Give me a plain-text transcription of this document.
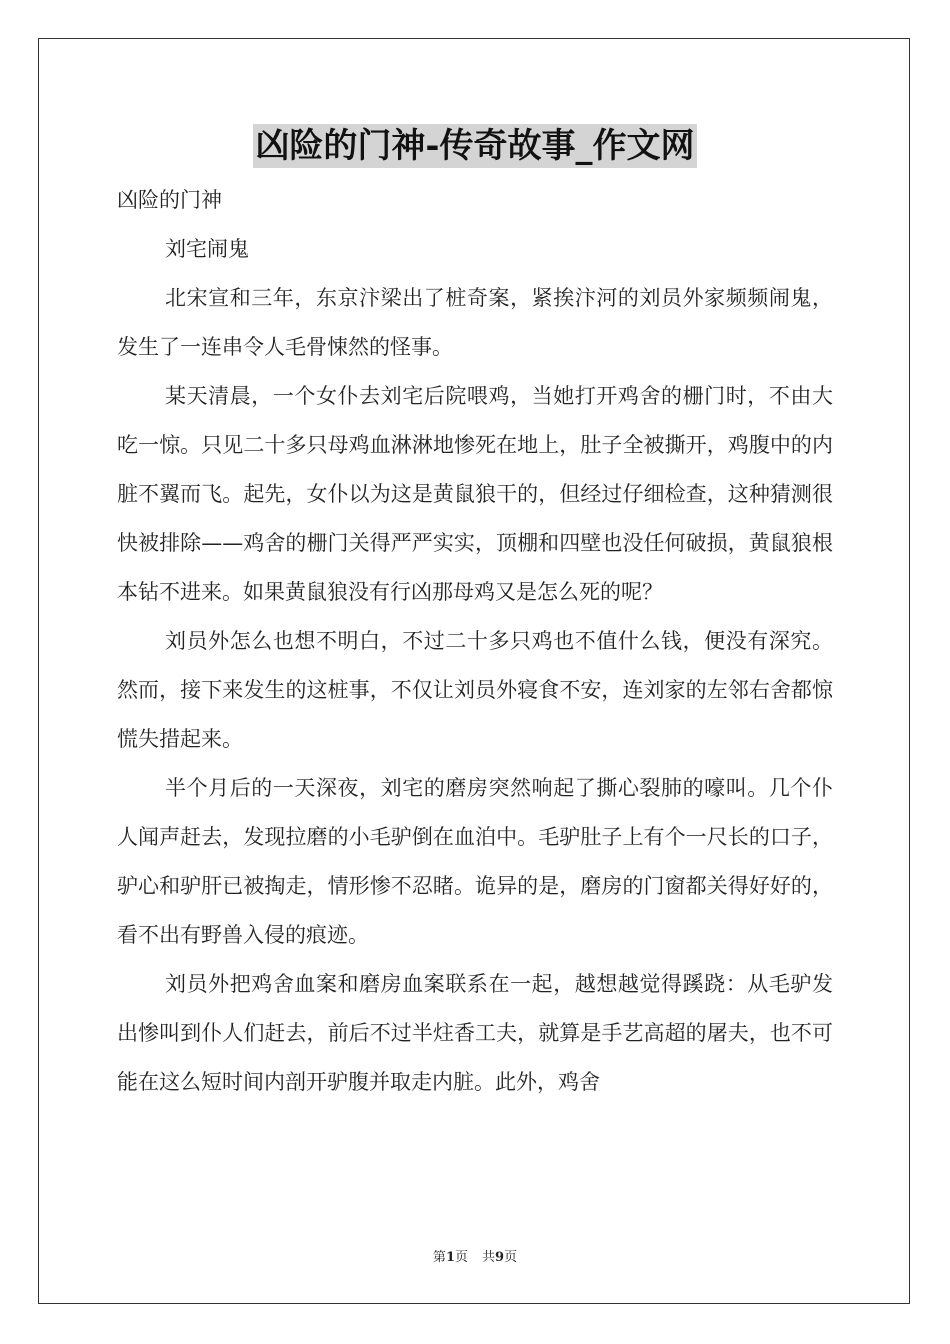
凶险的门神-传奇故事_作文网

凶险的门神

刘宅闹鬼

北宋宣和三年，东京汴梁出了桩奇案，紧挨汴河的刘员外家频频闹鬼，发生了一连串令人毛骨悚然的怪事。

某天清晨，一个女仆去刘宅后院喂鸡，当她打开鸡舍的栅门时，不由大吃一惊。只见二十多只母鸡血淋淋地惨死在地上，肚子全被撕开，鸡腹中的内脏不翼而飞。起先，女仆以为这是黄鼠狼干的，但经过仔细检查，这种猜测很快被排除——鸡舍的栅门关得严严实实，顶棚和四壁也没任何破损，黄鼠狼根本钻不进来。如果黄鼠狼没有行凶那母鸡又是怎么死的呢？

刘员外怎么也想不明白，不过二十多只鸡也不值什么钱，便没有深究。然而，接下来发生的这桩事，不仅让刘员外寝食不安，连刘家的左邻右舍都惊慌失措起来。

半个月后的一天深夜，刘宅的磨房突然响起了撕心裂肺的嚎叫。几个仆人闻声赶去，发现拉磨的小毛驴倒在血泊中。毛驴肚子上有个一尺长的口子，驴心和驴肝已被掏走，情形惨不忍睹。诡异的是，磨房的门窗都关得好好的，看不出有野兽入侵的痕迹。

刘员外把鸡舍血案和磨房血案联系在一起，越想越觉得蹊跷：从毛驴发出惨叫到仆人们赶去，前后不过半炷香工夫，就算是手艺高超的屠夫，也不可能在这么短时间内剖开驴腹并取走内脏。此外，鸡舍

第1页 共9页
